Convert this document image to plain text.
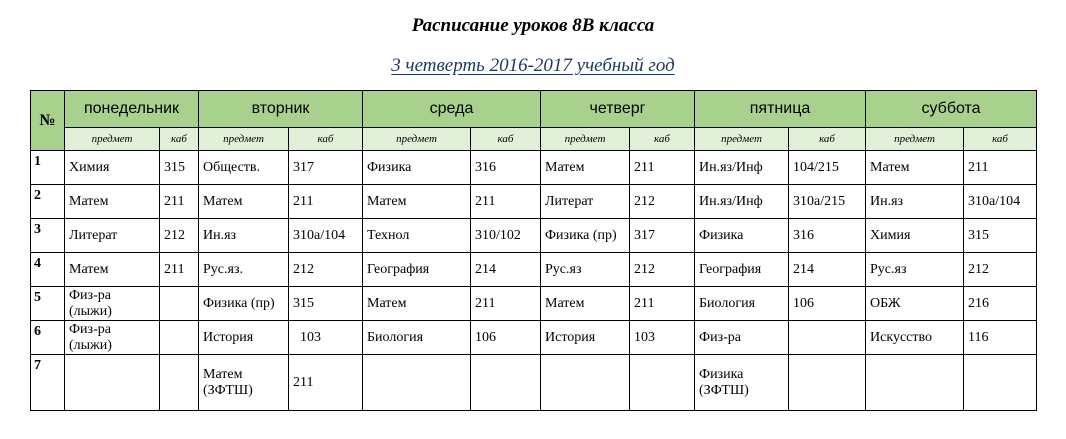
Расписание уроков 8В класса
3 четверть 2016-2017 учебный год
№	понедельник		вторник		среда		четверг		пятница		суббота	
	предмет	каб	предмет	каб	предмет	каб	предмет	каб	предмет	каб	предмет	каб
1	Химия	315	Обществ.	317	Физика	316	Матем	211	Ин.яз/Инф	104/215	Матем	211
2	Матем	211	Матем	211	Матем	211	Литерат	212	Ин.яз/Инф	310а/215	Ин.яз	310а/104
3	Литерат	212	Ин.яз	310а/104	Технол	310/102	Физика (пр)	317	Физика	316	Химия	315
4	Матем	211	Рус.яз.	212	География	214	Рус.яз	212	География	214	Рус.яз	212
5	Физ-ра (лыжи)		Физика (пр)	315	Матем	211	Матем	211	Биология	106	ОБЖ	216
6	Физ-ра (лыжи)		История	103	Биология	106	История	103	Физ-ра		Искусство	116
7			Матем (ЗФТШ)	211					Физика (ЗФТШ)			
